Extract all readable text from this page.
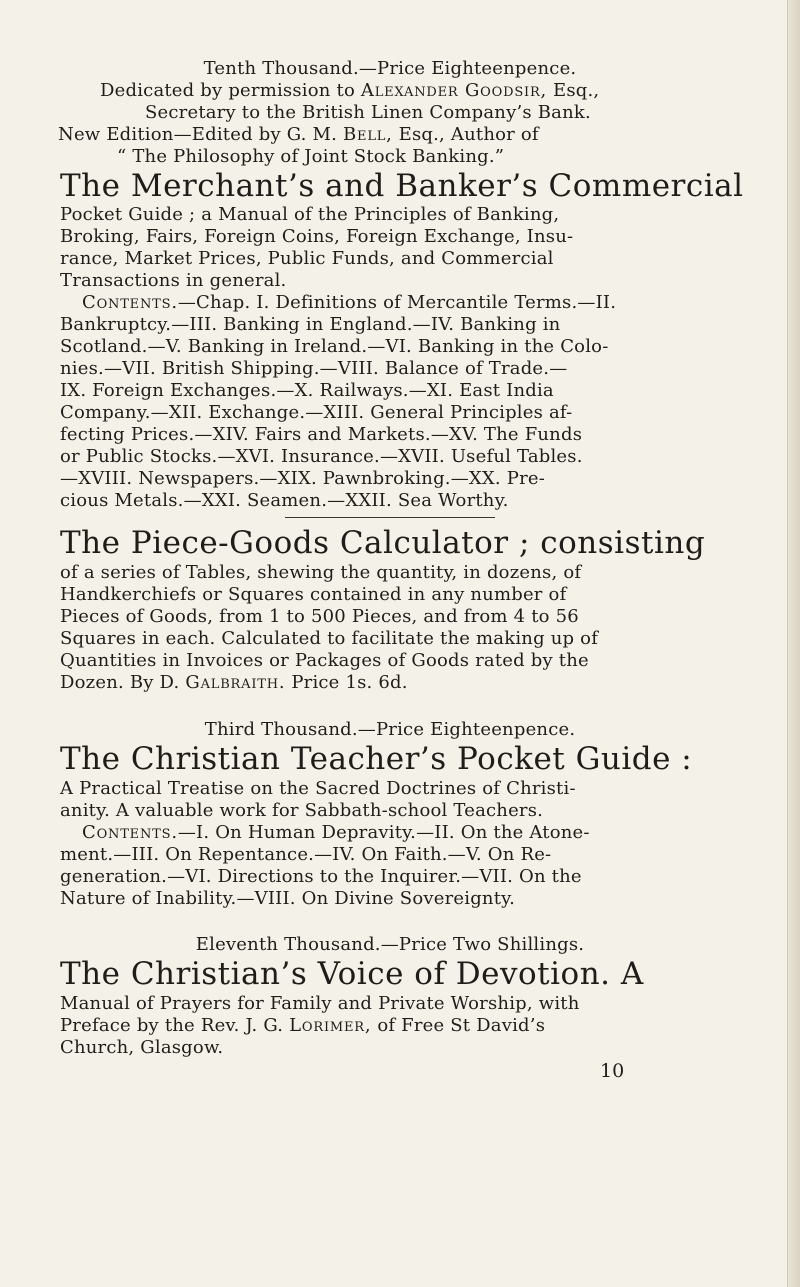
Tenth Thousand.—Price Eighteenpence.
Dedicated by permission to Alexander Goodsir, Esq.,
Secretary to the British Linen Company’s Bank.
New Edition—Edited by G. M. Bell, Esq., Author of
“ The Philosophy of Joint Stock Banking.”
The Merchant’s and Banker’s Commercial
Pocket Guide ; a Manual of the Principles of Banking,
Broking, Fairs, Foreign Coins, Foreign Exchange, Insu-
rance, Market Prices, Public Funds, and Commercial
Transactions in general.
Contents.—Chap. I. Definitions of Mercantile Terms.—II.
Bankruptcy.—III. Banking in England.—IV. Banking in
Scotland.—V. Banking in Ireland.—VI. Banking in the Colo-
nies.—VII. British Shipping.—VIII. Balance of Trade.—
IX. Foreign Exchanges.—X. Railways.—XI. East India
Company.—XII. Exchange.—XIII. General Principles af-
fecting Prices.—XIV. Fairs and Markets.—XV. The Funds
or Public Stocks.—XVI. Insurance.—XVII. Useful Tables.
—XVIII. Newspapers.—XIX. Pawnbroking.—XX. Pre-
cious Metals.—XXI. Seamen.—XXII. Sea Worthy.
The Piece-Goods Calculator ; consisting
of a series of Tables, shewing the quantity, in dozens, of
Handkerchiefs or Squares contained in any number of
Pieces of Goods, from 1 to 500 Pieces, and from 4 to 56
Squares in each. Calculated to facilitate the making up of
Quantities in Invoices or Packages of Goods rated by the
Dozen. By D. Galbraith. Price 1s. 6d.
Third Thousand.—Price Eighteenpence.
The Christian Teacher’s Pocket Guide :
A Practical Treatise on the Sacred Doctrines of Christi-
anity. A valuable work for Sabbath-school Teachers.
Contents.—I. On Human Depravity.—II. On the Atone-
ment.—III. On Repentance.—IV. On Faith.—V. On Re-
generation.—VI. Directions to the Inquirer.—VII. On the
Nature of Inability.—VIII. On Divine Sovereignty.
Eleventh Thousand.—Price Two Shillings.
The Christian’s Voice of Devotion. A
Manual of Prayers for Family and Private Worship, with
Preface by the Rev. J. G. Lorimer, of Free St David’s
Church, Glasgow.
10
